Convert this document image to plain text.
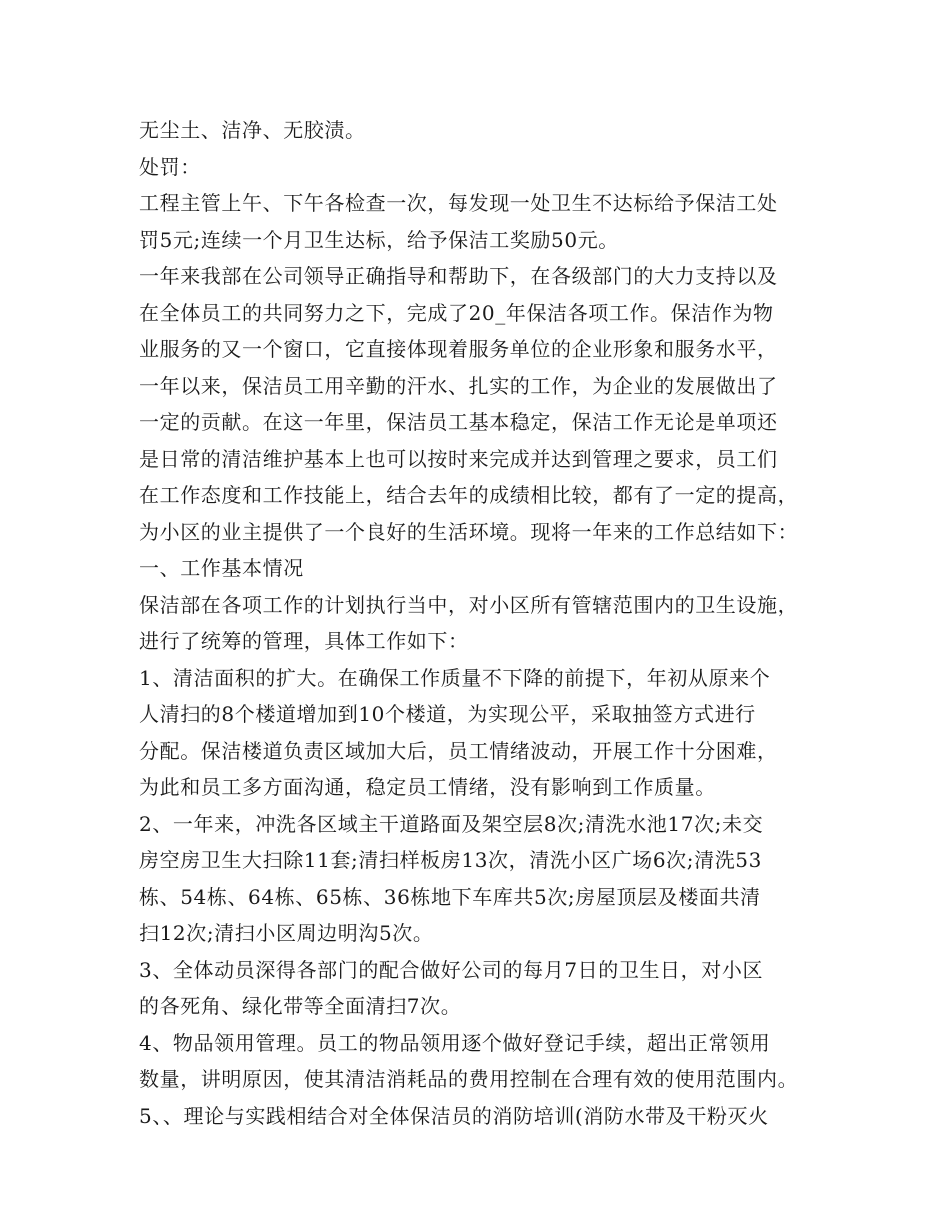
无尘土、洁净、无胶渍。
处罚：
工程主管上午、下午各检查一次，每发现一处卫生不达标给予保洁工处
罚5元;连续一个月卫生达标，给予保洁工奖励50元。
一年来我部在公司领导正确指导和帮助下，在各级部门的大力支持以及
在全体员工的共同努力之下，完成了20_年保洁各项工作。保洁作为物
业服务的又一个窗口，它直接体现着服务单位的企业形象和服务水平，
一年以来，保洁员工用辛勤的汗水、扎实的工作，为企业的发展做出了
一定的贡献。在这一年里，保洁员工基本稳定，保洁工作无论是单项还
是日常的清洁维护基本上也可以按时来完成并达到管理之要求，员工们
在工作态度和工作技能上，结合去年的成绩相比较，都有了一定的提高，
为小区的业主提供了一个良好的生活环境。现将一年来的工作总结如下：
一、工作基本情况
保洁部在各项工作的计划执行当中，对小区所有管辖范围内的卫生设施，
进行了统筹的管理，具体工作如下：
1、清洁面积的扩大。在确保工作质量不下降的前提下，年初从原来个
人清扫的8个楼道增加到10个楼道，为实现公平，采取抽签方式进行
分配。保洁楼道负责区域加大后，员工情绪波动，开展工作十分困难，
为此和员工多方面沟通，稳定员工情绪，没有影响到工作质量。
2、一年来，冲洗各区域主干道路面及架空层8次;清洗水池17次;未交
房空房卫生大扫除11套;清扫样板房13次，清洗小区广场6次;清洗53
栋、54栋、64栋、65栋、36栋地下车库共5次;房屋顶层及楼面共清
扫12次;清扫小区周边明沟5次。
3、全体动员深得各部门的配合做好公司的每月7日的卫生日，对小区
的各死角、绿化带等全面清扫7次。
4、物品领用管理。员工的物品领用逐个做好登记手续，超出正常领用
数量，讲明原因，使其清洁消耗品的费用控制在合理有效的使用范围内。
5、、理论与实践相结合对全体保洁员的消防培训(消防水带及干粉灭火
